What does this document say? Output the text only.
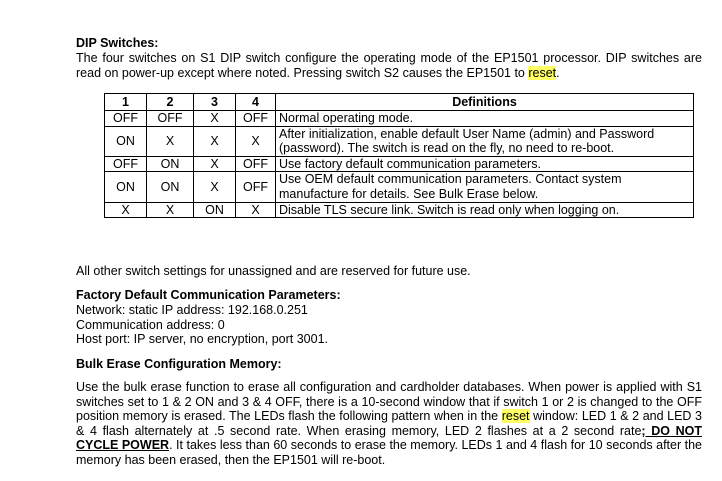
DIP Switches:
The four switches on S1 DIP switch configure the operating mode of the EP1501 processor. DIP switches are read on power-up except where noted. Pressing switch S2 causes the EP1501 to reset.
1	2	3	4	Definitions
OFF	OFF	X	OFF	Normal operating mode.
ON	X	X	X	After initialization, enable default User Name (admin) and Password (password). The switch is read on the fly, no need to re-boot.
OFF	ON	X	OFF	Use factory default communication parameters.
ON	ON	X	OFF	Use OEM default communication parameters. Contact system manufacture for details. See Bulk Erase below.
X	X	ON	X	Disable TLS secure link. Switch is read only when logging on.
All other switch settings for unassigned and are reserved for future use.
Factory Default Communication Parameters:
Network: static IP address: 192.168.0.251
Communication address: 0
Host port: IP server, no encryption, port 3001.
Bulk Erase Configuration Memory:
Use the bulk erase function to erase all configuration and cardholder databases. When power is applied with S1 switches set to 1 & 2 ON and 3 & 4 OFF, there is a 10-second window that if switch 1 or 2 is changed to the OFF position memory is erased. The LEDs flash the following pattern when in the reset window: LED 1 & 2 and LED 3 & 4 flash alternately at .5 second rate. When erasing memory, LED 2 flashes at a 2 second rate; DO NOT CYCLE POWER. It takes less than 60 seconds to erase the memory. LEDs 1 and 4 flash for 10 seconds after the memory has been erased, then the EP1501 will re-boot.
